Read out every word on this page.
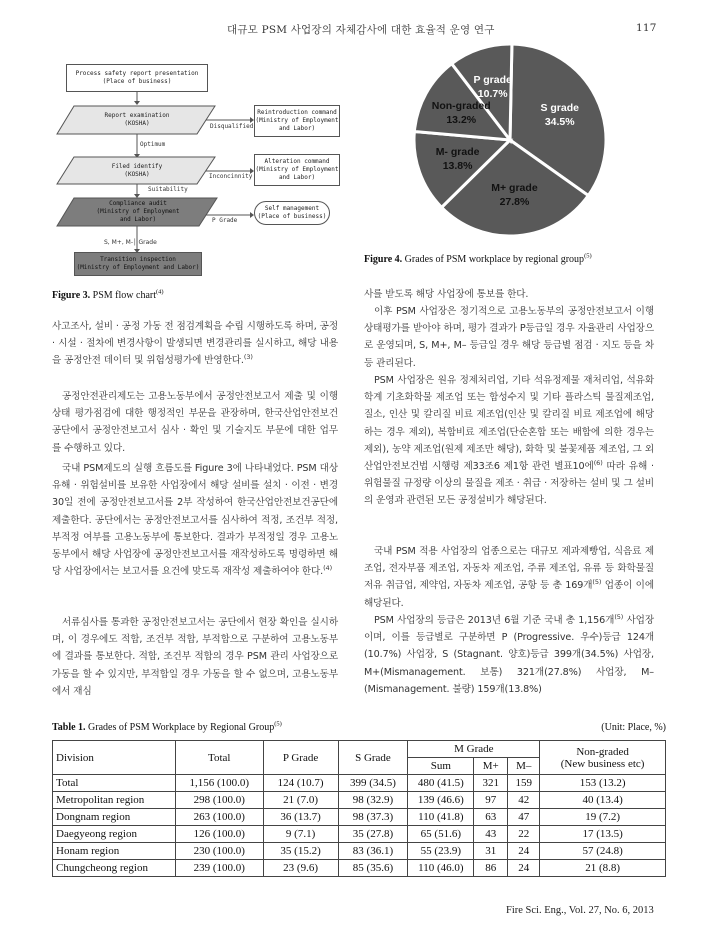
대규모 PSM 사업장의 자체감사에 대한 효율적 운영 연구	117
Process safety report presentation
(Place of business)
Report examination
(KOSHA)
Reintroduction command
(Ministry of Employment
and Labor)
Disqualified
Optimum
Filed identify
(KOSHA)
Alteration command
(Ministry of Employment
and Labor)
Inconcinnity
Suitability
Compliance audit
(Ministry of Employment
and Labor)
Self management
(Place of business)
P Grade
S, M+, M-│ Grade
Transition inspection
(Ministry of Employment and Labor)
Figure 3. PSM flow chart$^{(4)}$
S grade
34.5%
M+ grade
27.8%
M- grade
13.8%
Non-graded
13.2%
P grade
10.7%
Figure 4. Grades of PSM workplace by regional group$^{(5)}$
사고조사, 설비 · 공정 가동 전 점검계획을 수립 시행하도록 하며, 공정 · 시설 · 절차에 변경사항이 발생되면 변경관리를 실시하고, 해당 내용을 공정안전 데이터 및 위험성평가에 반영한다.$^{(3)}$
공정안전관리제도는 고용노동부에서 공정안전보고서 제출 및 이행상태 평가점검에 대한 행정적인 부문을 관장하며, 한국산업안전보건공단에서 공정안전보고서 심사 · 확인 및 기술지도 부문에 대한 업무를 수행하고 있다.
국내 PSM제도의 실행 흐름도를 Figure 3에 나타내었다. PSM 대상 유해 · 위험설비를 보유한 사업장에서 해당 설비를 설치 · 이전 · 변경 30일 전에 공정안전보고서를 2부 작성하여 한국산업안전보건공단에 제출한다. 공단에서는 공정안전보고서를 심사하여 적정, 조건부 적정, 부적정 여부를 고용노동부에 통보한다. 결과가 부적정일 경우 고용노동부에서 해당 사업장에 공정안전보고서를 재작성하도록 명령하면 해당 사업장에서는 보고서를 요건에 맞도록 재작성 제출하여야 한다.$^{(4)}$
서류심사를 통과한 공정안전보고서는 공단에서 현장 확인을 실시하며, 이 경우에도 적합, 조건부 적합, 부적합으로 구분하여 고용노동부에 결과를 통보한다. 적합, 조건부 적합의 경우 PSM 관리 사업장으로 가동을 할 수 있지만, 부적합일 경우 가동을 할 수 없으며, 고용노동부에서 재심
사를 받도록 해당 사업장에 통보를 한다.
이후 PSM 사업장은 정기적으로 고용노동부의 공정안전보고서 이행상태평가를 받아야 하며, 평가 결과가 P등급일 경우 자율관리 사업장으로 운영되며, S, M+, M– 등급일 경우 해당 등급별 점검 · 지도 등을 차등 관리된다.
PSM 사업장은 원유 정제처리업, 기타 석유정제물 재처리업, 석유화학계 기초화학물 제조업 또는 합성수지 및 기타 플라스틱 물질제조업, 질소, 인산 및 칼리질 비료 제조업(인산 및 칼리질 비료 제조업에 해당하는 경우 제외), 복합비료 제조업(단순혼합 또는 배합에 의한 경우는 제외), 농약 제조업(원제 제조만 해당), 화학 및 불꽃제품 제조업, 그 외 산업안전보건법 시행령 제33조6 제1항 관련 별표10에$^{(6)}$ 따라 유해 · 위험물질 규정량 이상의 물질을 제조 · 취급 · 저장하는 설비 및 그 설비의 운영과 관련된 모든 공정설비가 해당된다.
국내 PSM 적용 사업장의 업종으로는 대규모 제과제빵업, 식음료 제조업, 전자부품 제조업, 자동차 제조업, 주류 제조업, 유류 등 화학물질 저유 취급업, 제약업, 자동차 제조업, 공항 등 총 169개$^{(5)}$ 업종이 이에 해당된다.
PSM 사업장의 등급은 2013년 6월 기준 국내 총 1,156개$^{(5)}$ 사업장이며, 이를 등급별로 구분하면 P (Progressive. 우수)등급 124개(10.7%) 사업장, S (Stagnant. 양호)등급 399개(34.5%) 사업장, M+(Mismanagement. 보통) 321개(27.8%) 사업장, M–(Mismanagement. 불량) 159개(13.8%)
Table 1. Grades of PSM Workplace by Regional Group$^{(5)}$	(Unit: Place, %)
Division	Total	P Grade	S Grade	M Grade			Non-graded
(New business etc)

				Sum	M+	M–	
Total	1,156 (100.0)	124 (10.7)	399 (34.5)	480 (41.5)	321	159	153 (13.2)
Metropolitan region	298 (100.0)	21 (7.0)	98 (32.9)	139 (46.6)	97	42	40 (13.4)
Dongnam region	263 (100.0)	36 (13.7)	98 (37.3)	110 (41.8)	63	47	19 (7.2)
Daegyeong region	126 (100.0)	9 (7.1)	35 (27.8)	65 (51.6)	43	22	17 (13.5)
Honam region	230 (100.0)	35 (15.2)	83 (36.1)	55 (23.9)	31	24	57 (24.8)
Chungcheong region	239 (100.0)	23 (9.6)	85 (35.6)	110 (46.0)	86	24	21 (8.8)
Fire Sci. Eng., Vol. 27, No. 6, 2013
